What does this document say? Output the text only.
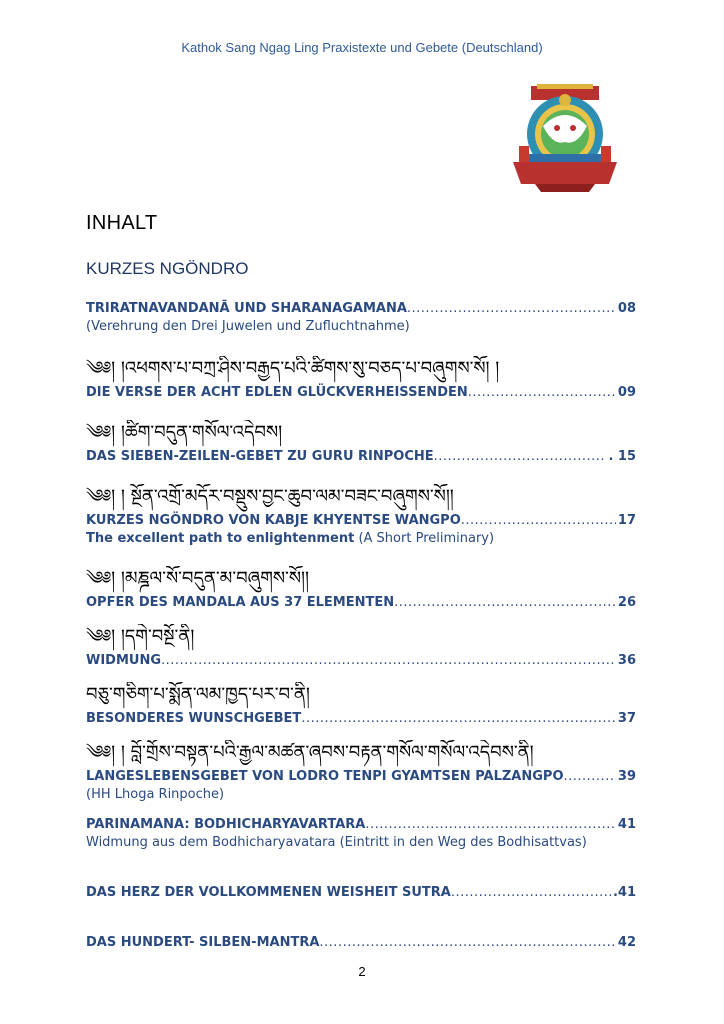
Kathok Sang Ngag Ling Praxistexte und Gebete (Deutschland)
INHALT
KURZES NGÖNDRO
TRIRATNAVANDANĀ UND SHARANAGAMANA .....	08
(Verehrung den Drei Juwelen und Zufluchtnahme)
༄༅། །འཕགས་པ་བཀྲ་ཤིས་བརྒྱད་པའི་ཚིགས་སུ་བཅད་པ་བཞུགས་སོ། །
DIE VERSE DER ACHT EDLEN GLÜCKVERHEISSENDEN .....	09
༄༅། །ཚིག་བདུན་གསོལ་འདེབས།
DAS SIEBEN-ZEILEN-GEBET ZU GURU RINPOCHE .....	. 15
༄༅། ། སྔོན་འགྲོ་མདོར་བསྡུས་བྱང་ཆུབ་ལམ་བཟང་བཞུགས་སོ།།
KURZES NGÖNDRO VON KABJE KHYENTSE WANGPO .....	17
The excellent path to enlightenment (A Short Preliminary)
༄༅། །མཎྜལ་སོ་བདུན་མ་བཞུགས་སོ།།
OPFER DES MANDALA AUS 37 ELEMENTEN .....	26
༄༅། །དགེ་བསྔོ་ནི།
WIDMUNG .....	36
བཅུ་གཅིག་པ་སྨོན་ལམ་ཁྱད་པར་བ་ནི།
BESONDERES WUNSCHGEBET .....	37
༄༅། ། བློ་གྲོས་བསྟན་པའི་རྒྱལ་མཚན་ཞབས་བརྟན་གསོལ་གསོལ་འདེབས་ནི།
LANGESLEBENSGEBET VON LODRO TENPI GYAMTSEN PALZANGPO .....	39
(HH Lhoga Rinpoche)
PARINAMANA: BODHICHARYAVARTARA .....	41
Widmung aus dem Bodhicharyavatara (Eintritt in den Weg des Bodhisattvas)
DAS HERZ DER VOLLKOMMENEN WEISHEIT SUTRA .....	.41
DAS HUNDERT- SILBEN-MANTRA .....	42
2
